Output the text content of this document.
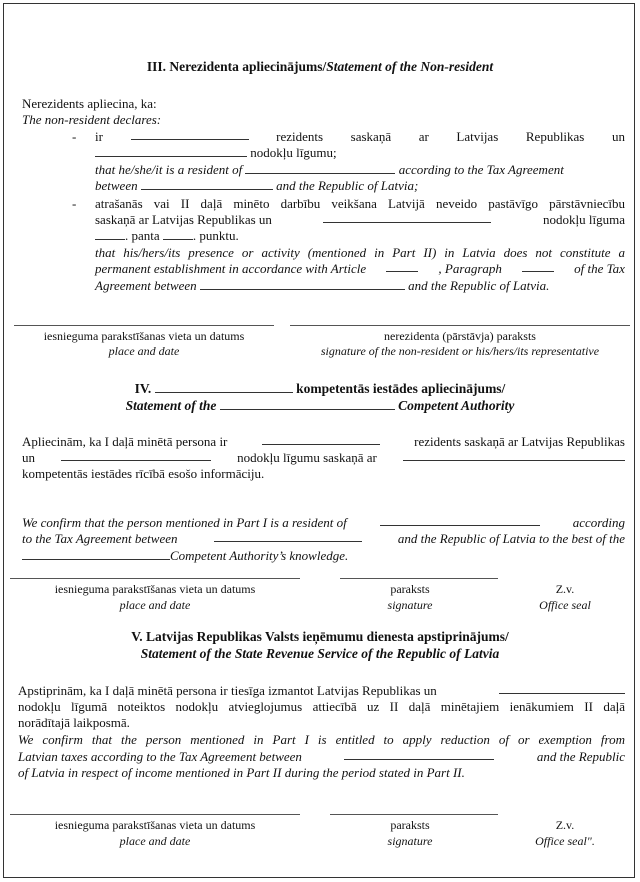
III. Nerezidenta apliecinājums/Statement of the Non-resident
Nerezidents apliecina, ka:
The non-resident declares:
- ir	rezidents saskaņā ar Latvijas Republikas un
nodokļu līgumu;
that he/she/it is a resident of	according to the Tax Agreement
between	and the Republic of Latvia;
- atrašanās vai II daļā minēto darbību veikšana Latvijā neveido pastāvīgo pārstāvniecību
saskaņā ar Latvijas Republikas un	nodokļu līguma
. panta	. punktu.
that his/hers/its presence or activity (mentioned in Part II) in Latvia does not constitute a
permanent establishment in accordance with Article	, Paragraph	of the Tax
Agreement between	and the Republic of Latvia.
iesnieguma parakstīšanas vieta un datums
place and date
nerezidenta (pārstāvja) paraksts
signature of the non-resident or his/hers/its representative
IV.	kompetentās iestādes apliecinājums/
Statement of the	Competent Authority
Apliecinām, ka I daļā minētā persona ir	rezidents saskaņā ar Latvijas Republikas
un	nodokļu līgumu saskaņā ar
kompetentās iestādes rīcībā esošo informāciju.
We confirm that the person mentioned in Part I is a resident of	according
to the Tax Agreement between	and the Republic of Latvia to the best of the
Competent Authority’s knowledge.
iesnieguma parakstīšanas vieta un datums
place and date
paraksts
signature
Z.v.
Office seal
V. Latvijas Republikas Valsts ieņēmumu dienesta apstiprinājums/
Statement of the State Revenue Service of the Republic of Latvia
Apstiprinām, ka I daļā minētā persona ir tiesīga izmantot Latvijas Republikas un
nodokļu līgumā noteiktos nodokļu atvieglojumus attiecībā uz II daļā minētajiem ienākumiem II daļā
norādītajā laikposmā.
We confirm that the person mentioned in Part I is entitled to apply reduction of or exemption from
Latvian taxes according to the Tax Agreement between	and the Republic
of Latvia in respect of income mentioned in Part II during the period stated in Part II.
iesnieguma parakstīšanas vieta un datums
place and date
paraksts
signature
Z.v.
Office seal".
